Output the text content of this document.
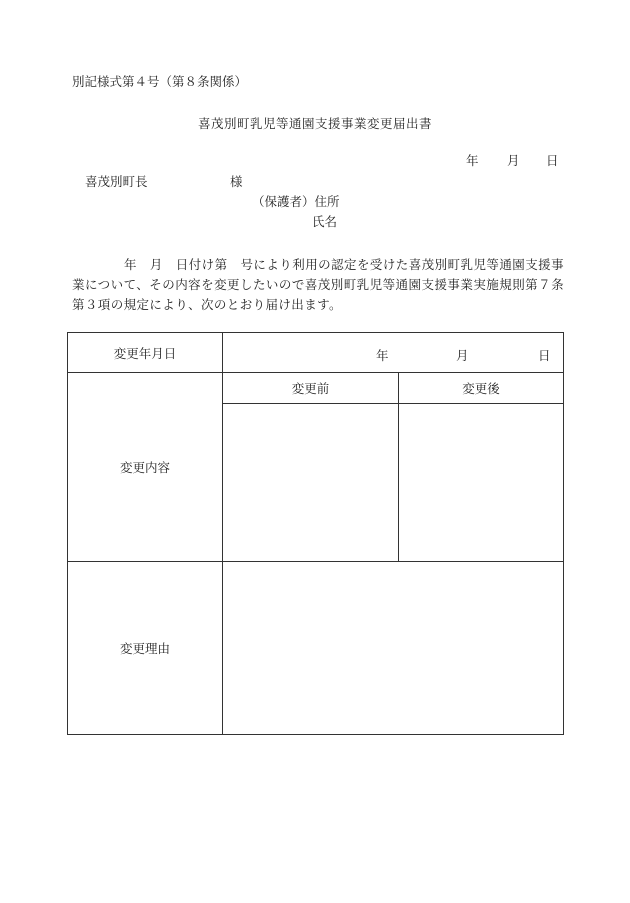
別記様式第４号（第８条関係）
喜茂別町乳児等通園支援事業変更届出書
年 月 日
喜茂別町長	様
（保護者）住所
氏名
年　月　日付け第　号により利用の認定を受けた喜茂別町乳児等通園支援事業について、その内容を変更したいので喜茂別町乳児等通園支援事業実施規則第７条第３項の規定により、次のとおり届け出ます。
変更年月日	年 月 日	

変更内容	変更前	変更後

変更理由		
